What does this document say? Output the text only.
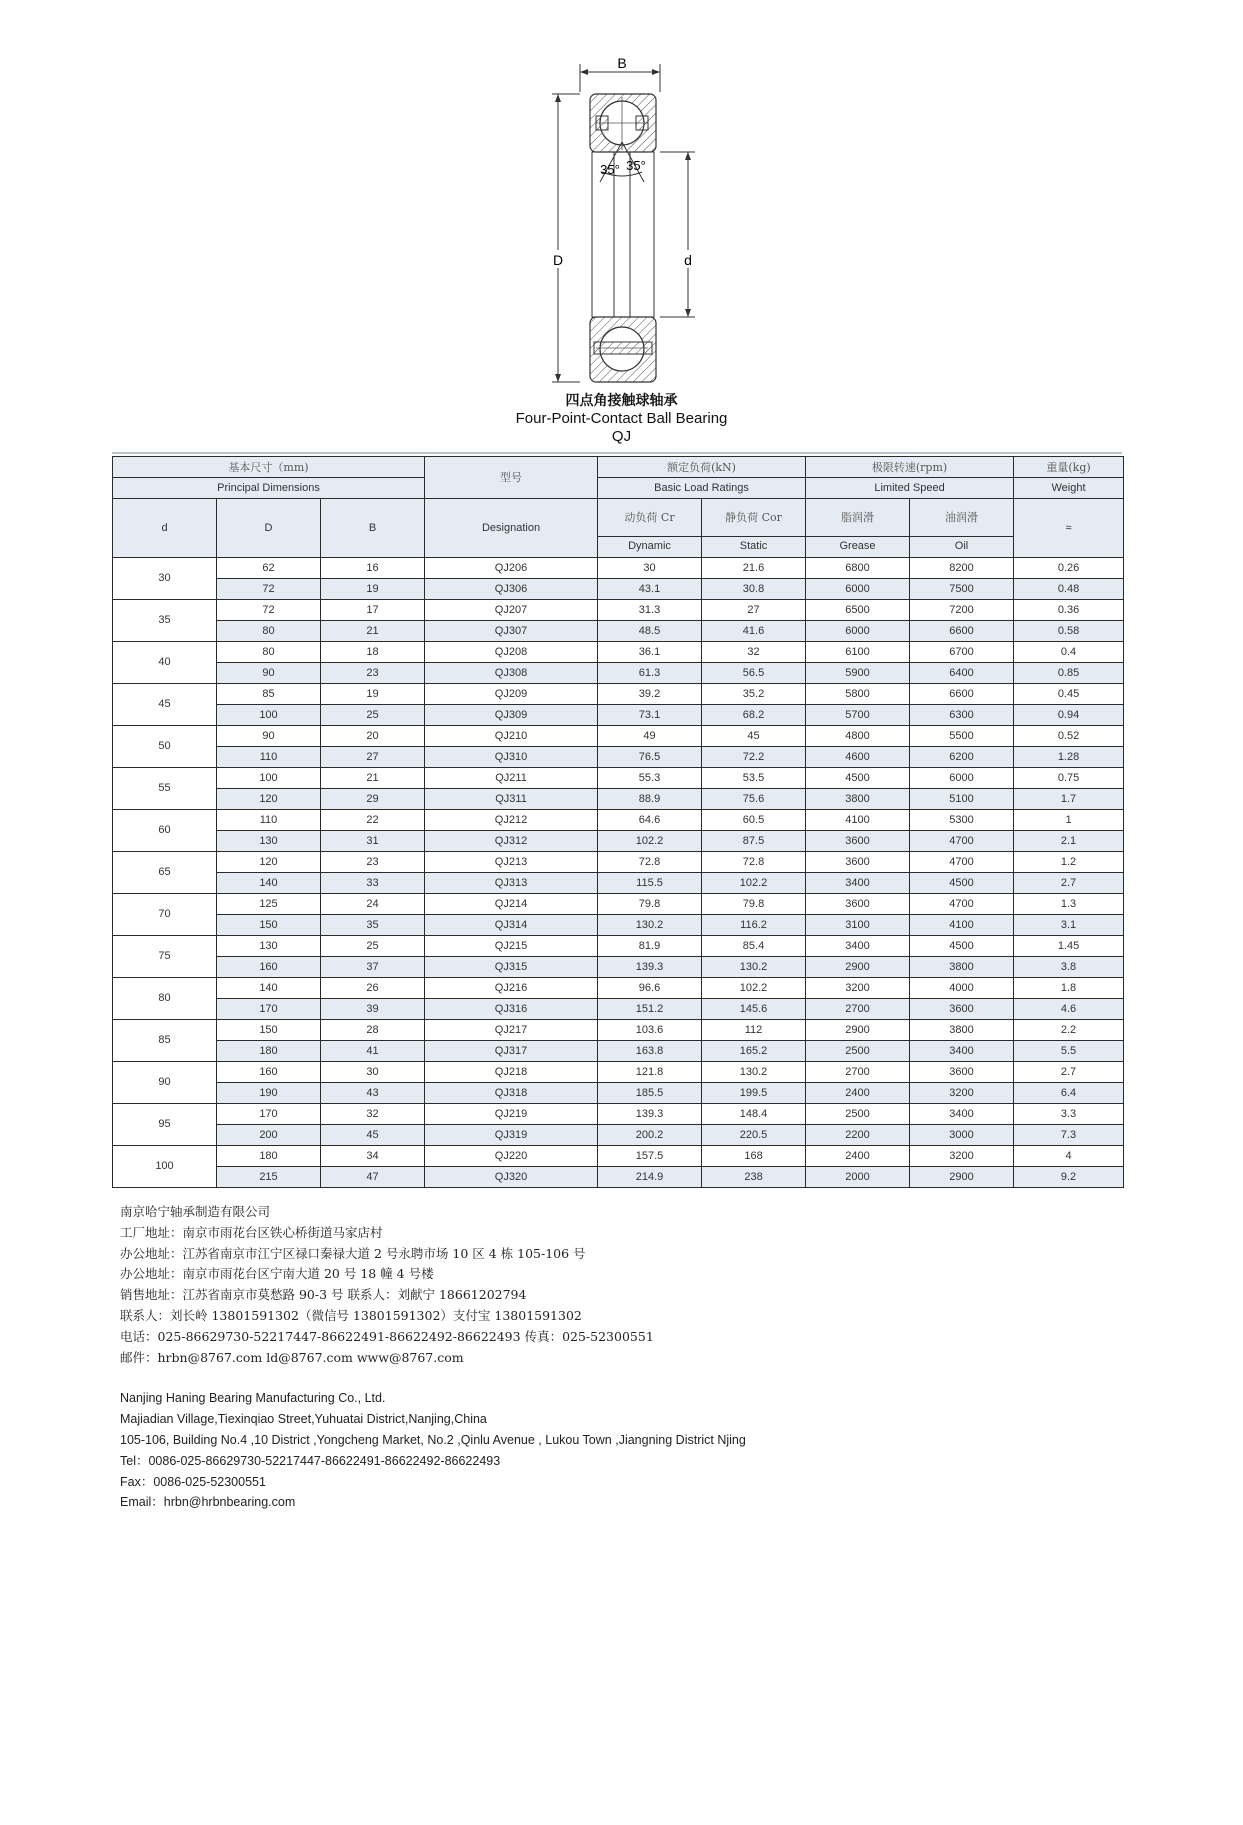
B
D	d
35° 35°
四点角接触球轴承
Four-Point-Contact Ball Bearing
QJ
基本尺寸（mm)			型号	额定负荷(kN)		极限转速(rpm)		重量(kg)
Principal Dimensions				Basic Load Ratings		Limited Speed		Weight
d	D	B	Designation	动负荷 Cr	静负荷 Cor	脂润滑	油润滑	≈
				Dynamic	Static	Grease	Oil	
30	62	16	QJ206	30	21.6	6800	8200	0.26
	72	19	QJ306	43.1	30.8	6000	7500	0.48
35	72	17	QJ207	31.3	27	6500	7200	0.36
	80	21	QJ307	48.5	41.6	6000	6600	0.58
40	80	18	QJ208	36.1	32	6100	6700	0.4
	90	23	QJ308	61.3	56.5	5900	6400	0.85
45	85	19	QJ209	39.2	35.2	5800	6600	0.45
	100	25	QJ309	73.1	68.2	5700	6300	0.94
50	90	20	QJ210	49	45	4800	5500	0.52
	110	27	QJ310	76.5	72.2	4600	6200	1.28
55	100	21	QJ211	55.3	53.5	4500	6000	0.75
	120	29	QJ311	88.9	75.6	3800	5100	1.7
60	110	22	QJ212	64.6	60.5	4100	5300	1
	130	31	QJ312	102.2	87.5	3600	4700	2.1
65	120	23	QJ213	72.8	72.8	3600	4700	1.2
	140	33	QJ313	115.5	102.2	3400	4500	2.7
70	125	24	QJ214	79.8	79.8	3600	4700	1.3
	150	35	QJ314	130.2	116.2	3100	4100	3.1
75	130	25	QJ215	81.9	85.4	3400	4500	1.45
	160	37	QJ315	139.3	130.2	2900	3800	3.8
80	140	26	QJ216	96.6	102.2	3200	4000	1.8
	170	39	QJ316	151.2	145.6	2700	3600	4.6
85	150	28	QJ217	103.6	112	2900	3800	2.2
	180	41	QJ317	163.8	165.2	2500	3400	5.5
90	160	30	QJ218	121.8	130.2	2700	3600	2.7
	190	43	QJ318	185.5	199.5	2400	3200	6.4
95	170	32	QJ219	139.3	148.4	2500	3400	3.3
	200	45	QJ319	200.2	220.5	2200	3000	7.3
100	180	34	QJ220	157.5	168	2400	3200	4
	215	47	QJ320	214.9	238	2000	2900	9.2
南京哈宁轴承制造有限公司
工厂地址：南京市雨花台区铁心桥街道马家店村
办公地址：江苏省南京市江宁区禄口秦禄大道 2 号永聘市场 10 区 4 栋 105-106 号
办公地址：南京市雨花台区宁南大道 20 号 18 幢 4 号楼
销售地址：江苏省南京市莫愁路 90-3 号 联系人：刘献宁 18661202794
联系人：刘长岭 13801591302（微信号 13801591302）支付宝 13801591302
电话：025-86629730-52217447-86622491-86622492-86622493 传真：025-52300551
邮件：hrbn@8767.com ld@8767.com www@8767.com
Nanjing Haning Bearing Manufacturing Co., Ltd.
Majiadian Village,Tiexinqiao Street,Yuhuatai District,Nanjing,China
105-106, Building No.4 ,10 District ,Yongcheng Market, No.2 ,Qinlu Avenue , Lukou Town ,Jiangning District Njing
Tel：0086-025-86629730-52217447-86622491-86622492-86622493
Fax：0086-025-52300551
Email：hrbn@hrbnbearing.com
